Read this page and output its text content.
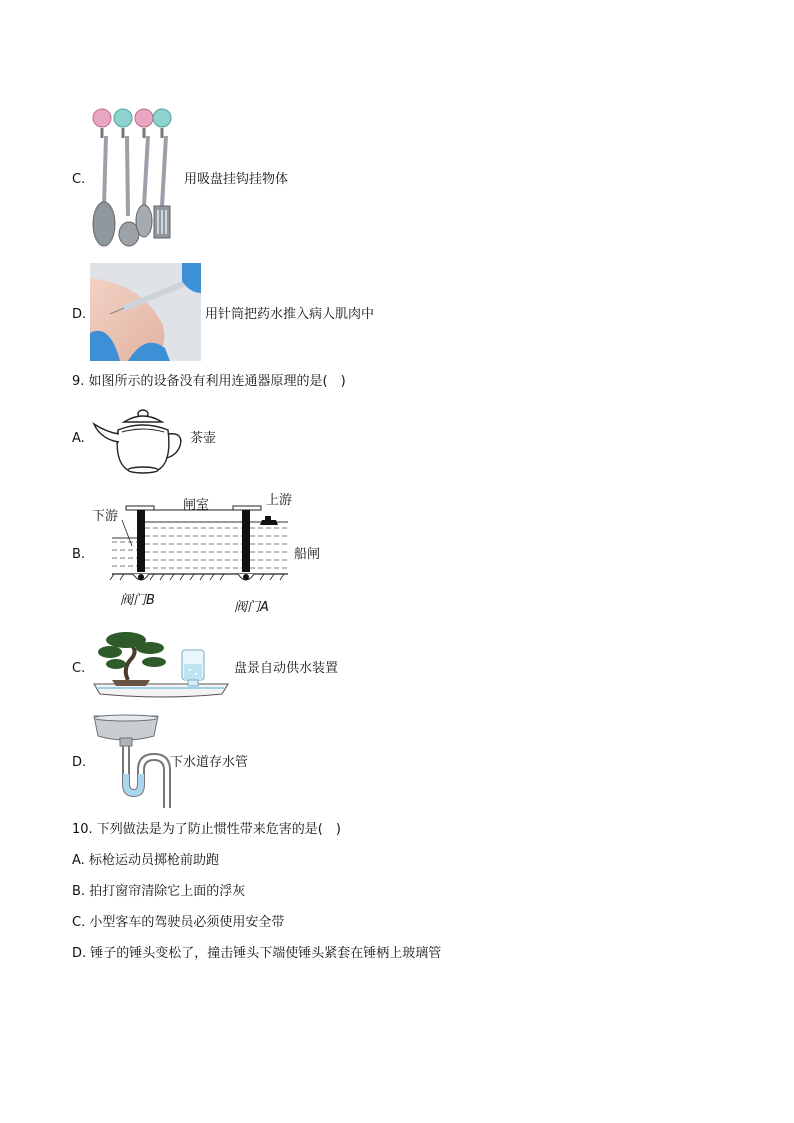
C.	用吸盘挂钩挂物体
D.	用针筒把药水推入病人肌肉中
9. 如图所示的设备没有利用连通器原理的是(　)
A.	茶壶
B.
下游
闸室	上游
阀门B	阀门A
船闸
C.	盘景自动供水装置
D.	下水道存水管
10. 下列做法是为了防止惯性带来危害的是(　)
A. 标枪运动员掷枪前助跑
B. 拍打窗帘清除它上面的浮灰
C. 小型客车的驾驶员必须使用安全带
D. 锤子的锤头变松了，撞击锤头下端使锤头紧套在锤柄上玻璃管
